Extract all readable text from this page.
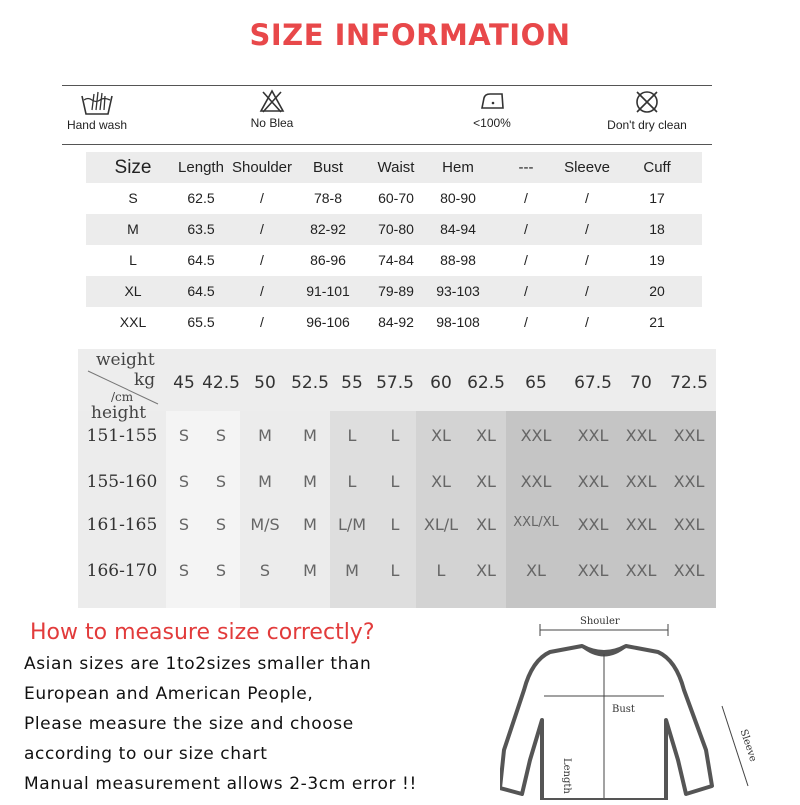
SIZE INFORMATION
Hand wash	No Blea	<100%	Don't dry clean
Size	Length Shoulder	Bust	Waist	Hem	---	Sleeve	Cuff
S	62.5	/	78-8	60-70	80-90	/	/	17
M	63.5	/	82-92	70-80	84-94	/	/	18
L	64.5	/	86-96	74-84	88-98	/	/	19
XL	64.5	/	91-101	79-89	93-103	/	/	20
XXL	65.5	/	96-106	84-92	98-108	/	/	21
weight
kg
/cm
height
45 42.5 50 52.5 55 57.5 60 62.5	65	67.5	70	72.5
151-155	S	S	M	M	L	L	XL	XL	XXL	XXL	XXL	XXL
155-160	S	S	M	M	L	L	XL	XL	XXL	XXL	XXL	XXL
161-165	S	S	M/S	M	L/M	L	XL/L	XL	XXL/XL	XXL	XXL	XXL
166-170	S	S	S	M	M	L	L	XL	XL	XXL	XXL	XXL
How to measure size correctly?
Asian sizes are 1to2sizes smaller than
European and American People,
Please measure the size and choose
according to our size chart
Manual measurement allows 2-3cm error !!
Shouler
Bust
Length
Sleeve
